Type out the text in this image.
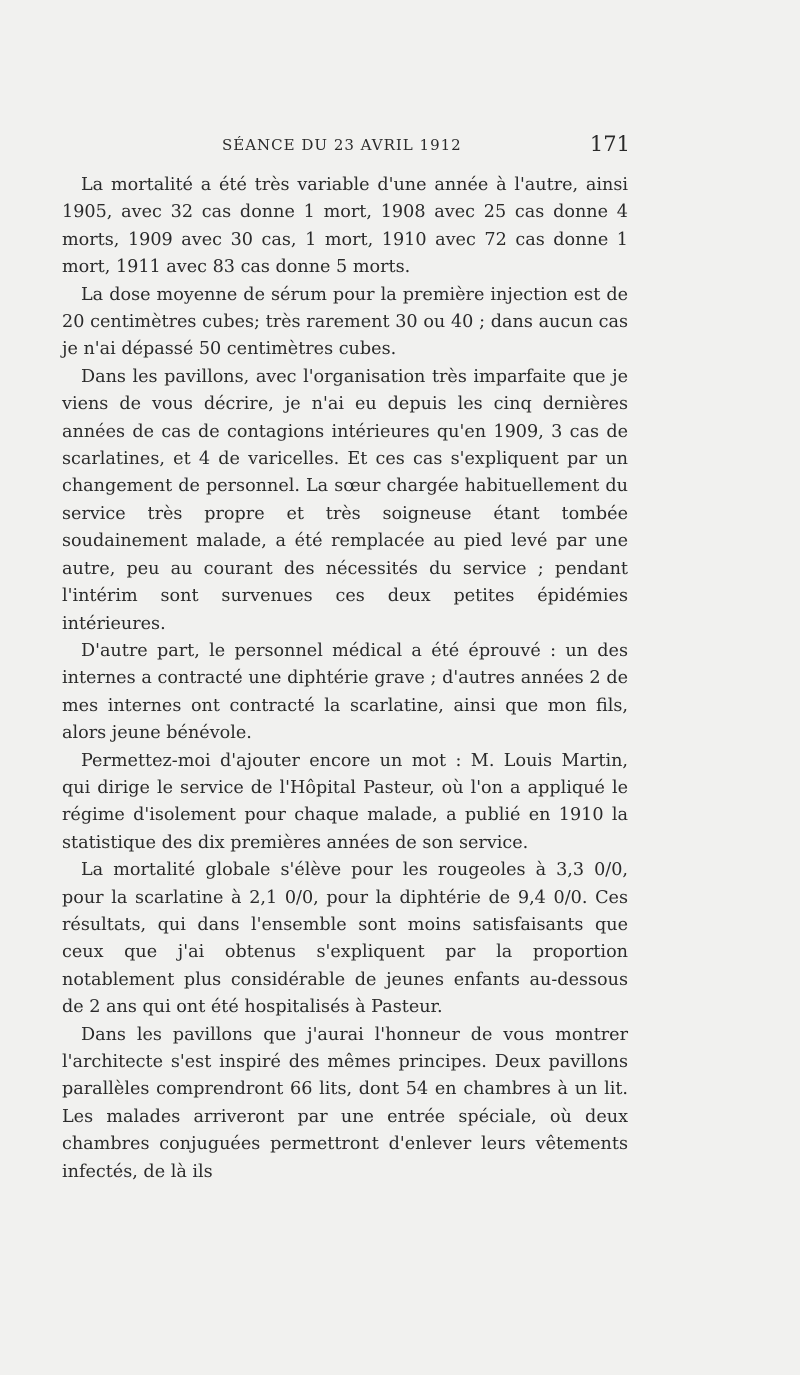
SÉANCE DU 23 AVRIL 1912	171

La mortalité a été très variable d'une année à l'autre, ainsi 1905, avec 32 cas donne 1 mort, 1908 avec 25 cas donne 4 morts, 1909 avec 30 cas, 1 mort, 1910 avec 72 cas donne 1 mort, 1911 avec 83 cas donne 5 morts.

La dose moyenne de sérum pour la première injection est de 20 centimètres cubes; très rarement 30 ou 40 ; dans aucun cas je n'ai dépassé 50 centimètres cubes.

Dans les pavillons, avec l'organisation très imparfaite que je viens de vous décrire, je n'ai eu depuis les cinq dernières années de cas de contagions intérieures qu'en 1909, 3 cas de scarlatines, et 4 de varicelles. Et ces cas s'expliquent par un changement de personnel. La sœur chargée habituellement du service très propre et très soigneuse étant tombée soudainement malade, a été remplacée au pied levé par une autre, peu au courant des nécessités du service ; pendant l'intérim sont survenues ces deux petites épidémies intérieures.

D'autre part, le personnel médical a été éprouvé : un des internes a contracté une diphtérie grave ; d'autres années 2 de mes internes ont contracté la scarlatine, ainsi que mon fils, alors jeune bénévole.

Permettez-moi d'ajouter encore un mot : M. Louis Martin, qui dirige le service de l'Hôpital Pasteur, où l'on a appliqué le régime d'isolement pour chaque malade, a publié en 1910 la statistique des dix premières années de son service.

La mortalité globale s'élève pour les rougeoles à 3,3 0/0, pour la scarlatine à 2,1 0/0, pour la diphtérie de 9,4 0/0. Ces résultats, qui dans l'ensemble sont moins satisfaisants que ceux que j'ai obtenus s'expliquent par la proportion notablement plus considérable de jeunes enfants au-dessous de 2 ans qui ont été hospitalisés à Pasteur.

Dans les pavillons que j'aurai l'honneur de vous montrer l'architecte s'est inspiré des mêmes principes. Deux pavillons parallèles comprendront 66 lits, dont 54 en chambres à un lit. Les malades arriveront par une entrée spéciale, où deux chambres conjuguées permettront d'enlever leurs vêtements infectés, de là ils
